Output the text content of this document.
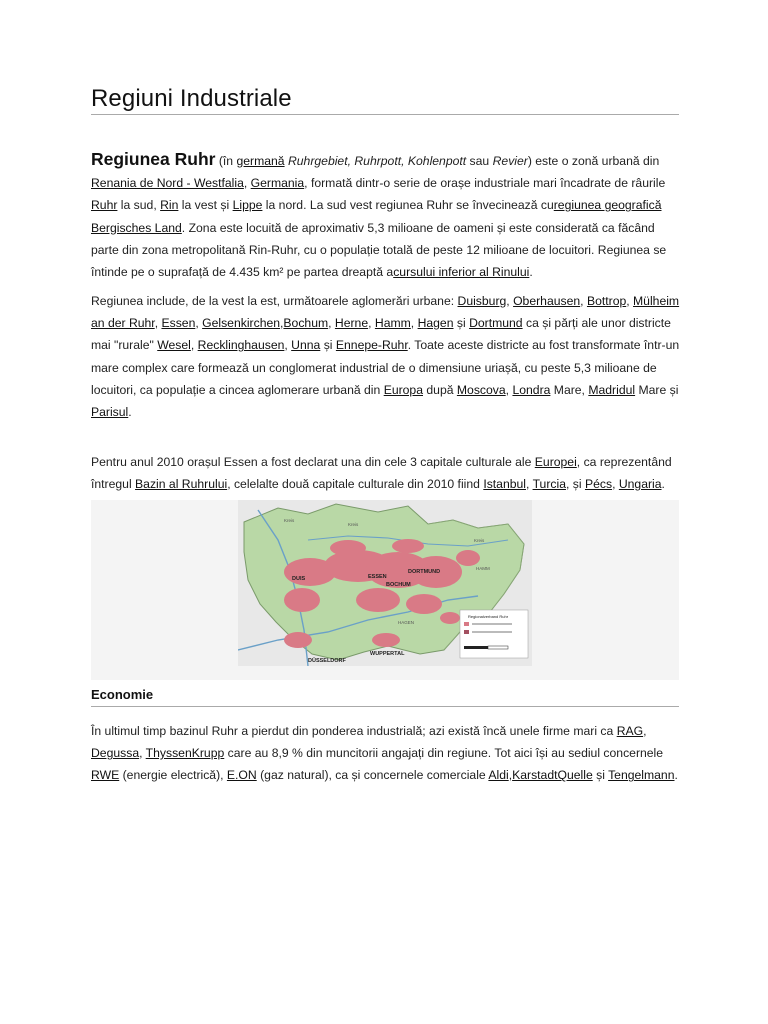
Regiuni Industriale
Regiunea Ruhr (în germană Ruhrgebiet, Ruhrpott, Kohlenpott sau Revier) este o zonă urbană din Renania de Nord - Westfalia, Germania, formată dintr-o serie de orașe industriale mari încadrate de râurile Ruhr la sud, Rin la vest și Lippe la nord. La sud vest regiunea Ruhr se învecinează curegiunea geografică Bergisches Land. Zona este locuită de aproximativ 5,3 milioane de oameni și este considerată ca făcând parte din zona metropolitană Rin-Ruhr, cu o populație totală de peste 12 milioane de locuitori. Regiunea se întinde pe o suprafață de 4.435 km² pe partea dreaptă acursului inferior al Rinului.
Regiunea include, de la vest la est, următoarele aglomerări urbane: Duisburg, Oberhausen, Bottrop, Mülheim an der Ruhr, Essen, Gelsenkirchen,Bochum, Herne, Hamm, Hagen și Dortmund ca și părți ale unor districte mai "rurale" Wesel, Recklinghausen, Unna și Ennepe-Ruhr. Toate aceste districte au fost transformate într-un mare complex care formează un conglomerat industrial de o dimensiune uriașă, cu peste 5,3 milioane de locuitori, ca populație a cincea aglomerare urbană din Europa după Moscova, Londra Mare, Madridul Mare și Parisul.
Pentru anul 2010 orașul Essen a fost declarat una din cele 3 capitale culturale ale Europei, ca reprezentând întregul Bazin al Ruhrului, celelalte două capitale culturale din 2010 fiind Istanbul, Turcia, și Pécs, Ungaria.
DORTMUND
ESSEN
BOCHUM
DUIS
WUPPERTAL
DÜSSELDORF
Kreis
Kreis
Kreis
HAMM
HAGEN
Regionalverband Ruhr
Economie
În ultimul timp bazinul Ruhr a pierdut din ponderea industrială; azi există încă unele firme mari ca RAG, Degussa, ThyssenKrupp care au 8,9 % din muncitorii angajați din regiune. Tot aici își au sediul concernele RWE (energie electrică), E.ON (gaz natural), ca și concernele comerciale Aldi,KarstadtQuelle și Tengelmann.
